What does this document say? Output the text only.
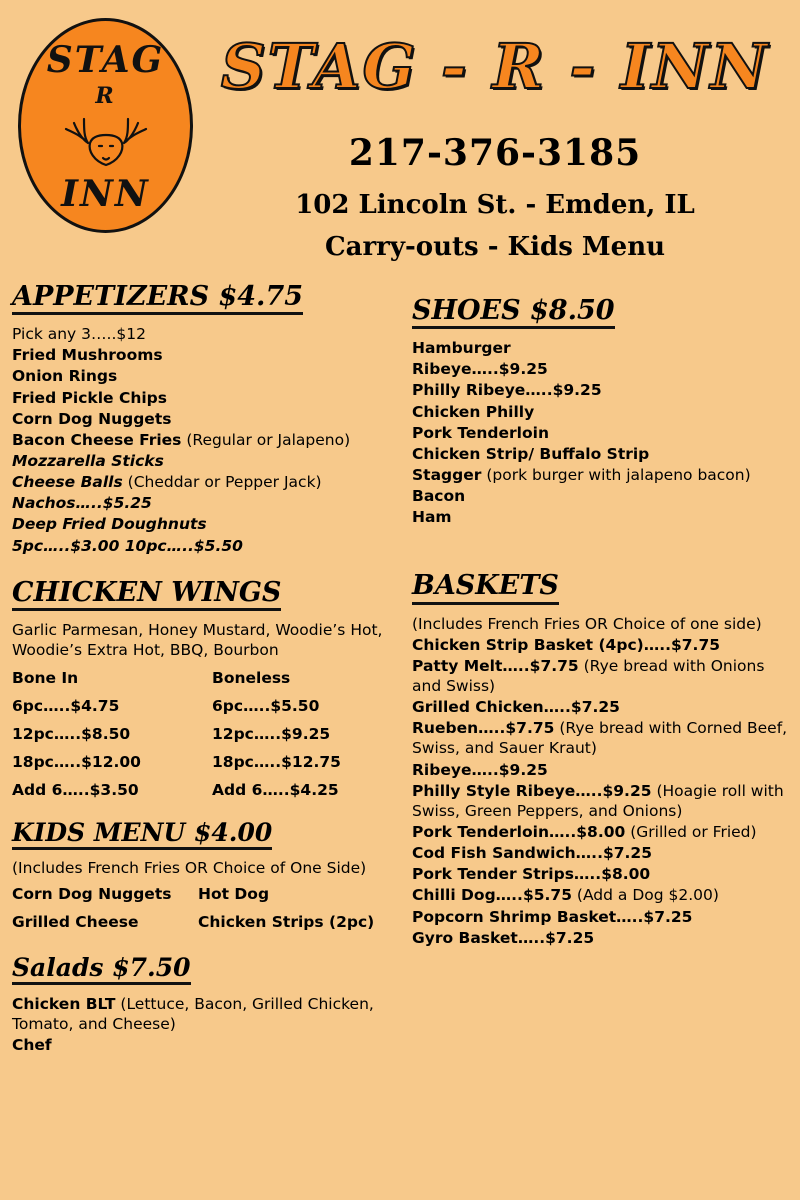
STAG
R
INN
STAG - R - INN
217-376-3185
102 Lincoln St. - Emden, IL
Carry-outs - Kids Menu
APPETIZERS $4.75
Pick any 3…..$12
Fried Mushrooms
Onion Rings
Fried Pickle Chips
Corn Dog Nuggets
Bacon Cheese Fries (Regular or Jalapeno)
Mozzarella Sticks
Cheese Balls (Cheddar or Pepper Jack)
Nachos…..$5.25
Deep Fried Doughnuts
5pc…..$3.00 10pc…..$5.50
CHICKEN WINGS
Garlic Parmesan, Honey Mustard, Woodie’s Hot, Woodie’s Extra Hot, BBQ, Bourbon
Bone In	Boneless
6pc…..$4.75	6pc…..$5.50
12pc…..$8.50	12pc…..$9.25
18pc…..$12.00	18pc…..$12.75
Add 6…..$3.50	Add 6…..$4.25
KIDS MENU $4.00
(Includes French Fries OR Choice of One Side)
Corn Dog Nuggets	Hot Dog
Grilled Cheese	Chicken Strips (2pc)
Salads $7.50
Chicken BLT (Lettuce, Bacon, Grilled Chicken, Tomato, and Cheese)
Chef
SHOES $8.50
Hamburger
Ribeye…..$9.25
Philly Ribeye…..$9.25
Chicken Philly
Pork Tenderloin
Chicken Strip/ Buffalo Strip
Stagger (pork burger with jalapeno bacon)
Bacon
Ham
BASKETS
(Includes French Fries OR Choice of one side)
Chicken Strip Basket (4pc)…..$7.75
Patty Melt…..$7.75 (Rye bread with Onions and Swiss)
Grilled Chicken…..$7.25
Rueben…..$7.75 (Rye bread with Corned Beef, Swiss, and Sauer Kraut)
Ribeye…..$9.25
Philly Style Ribeye…..$9.25 (Hoagie roll with Swiss, Green Peppers, and Onions)
Pork Tenderloin…..$8.00 (Grilled or Fried)
Cod Fish Sandwich…..$7.25
Pork Tender Strips…..$8.00
Chilli Dog…..$5.75 (Add a Dog $2.00)
Popcorn Shrimp Basket…..$7.25
Gyro Basket…..$7.25
